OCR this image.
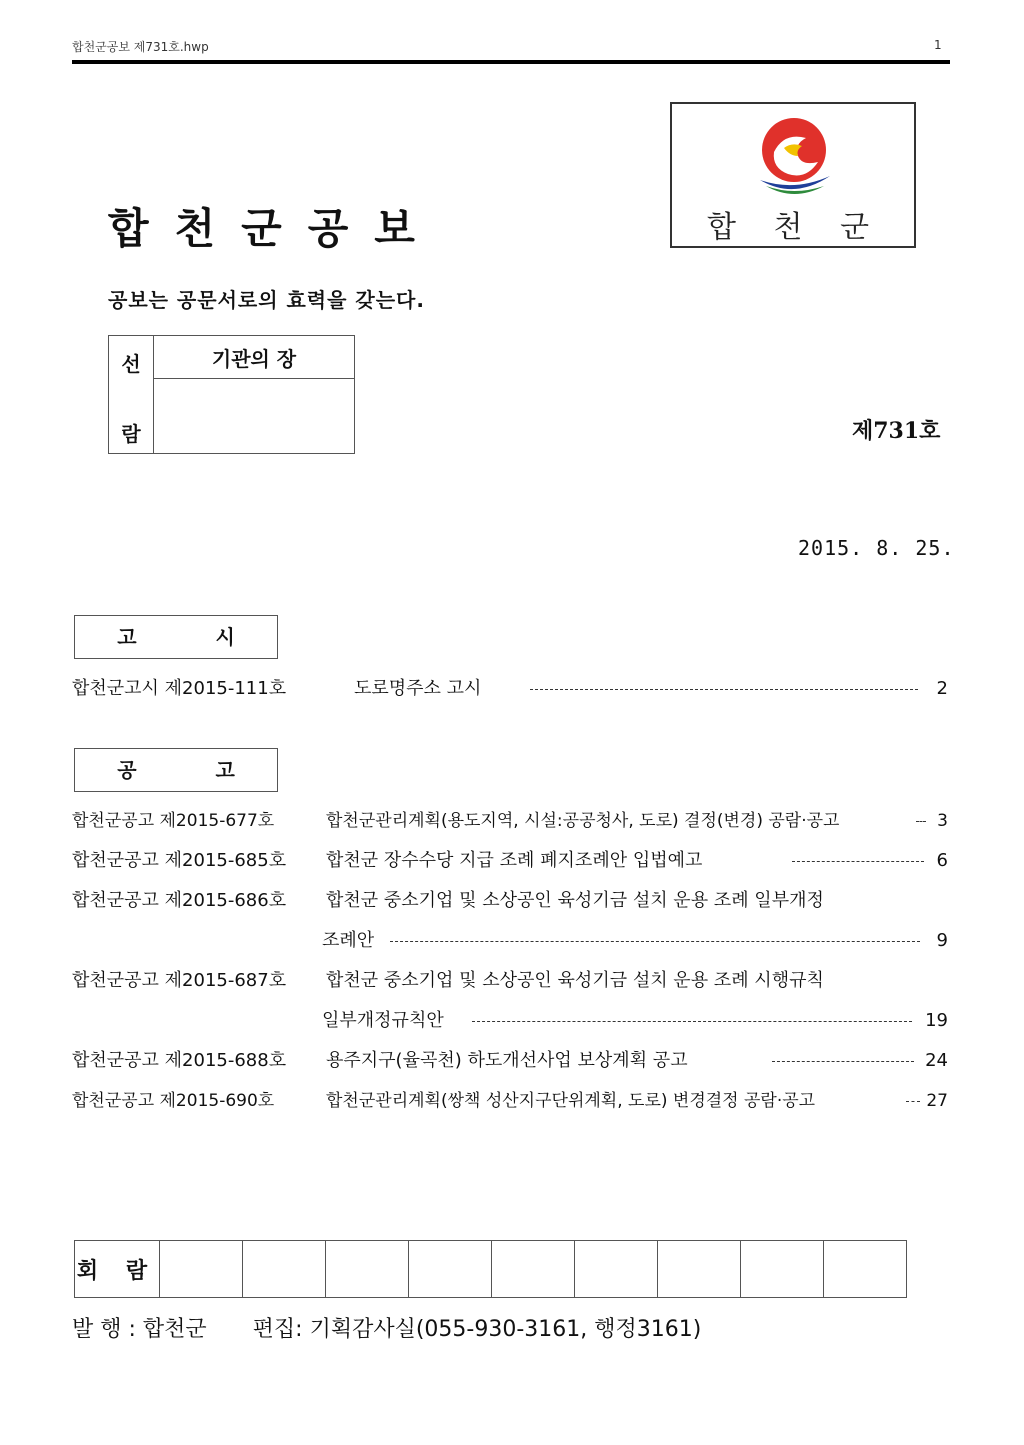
합천군공보 제731호.hwp	1
합천군공보
공보는 공문서로의 효력을 갖는다.
합 천 군
선
람
	기관의 장

제731호
2015. 8. 25.
고 시
합천군고시 제2015-111호	도로명주소 고시	2
공 고
합천군공고 제2015-677호	합천군관리계획(용도지역, 시설:공공청사, 도로) 결정(변경) 공람·공고	3
합천군공고 제2015-685호 합천군 장수수당 지급 조례 폐지조례안 입법예고	6
합천군공고 제2015-686호 합천군 중소기업 및 소상공인 육성기금 설치 운용 조례 일부개정
조례안	9
합천군공고 제2015-687호 합천군 중소기업 및 소상공인 육성기금 설치 운용 조례 시행규칙
일부개정규칙안	19
합천군공고 제2015-688호 용주지구(율곡천) 하도개선사업 보상계획 공고	24
합천군공고 제2015-690호	합천군관리계획(쌍책 성산지구단위계획, 도로) 변경결정 공람·공고	27
회 람									
발 행 : 합천군 편집: 기획감사실(055-930-3161, 행정3161)
